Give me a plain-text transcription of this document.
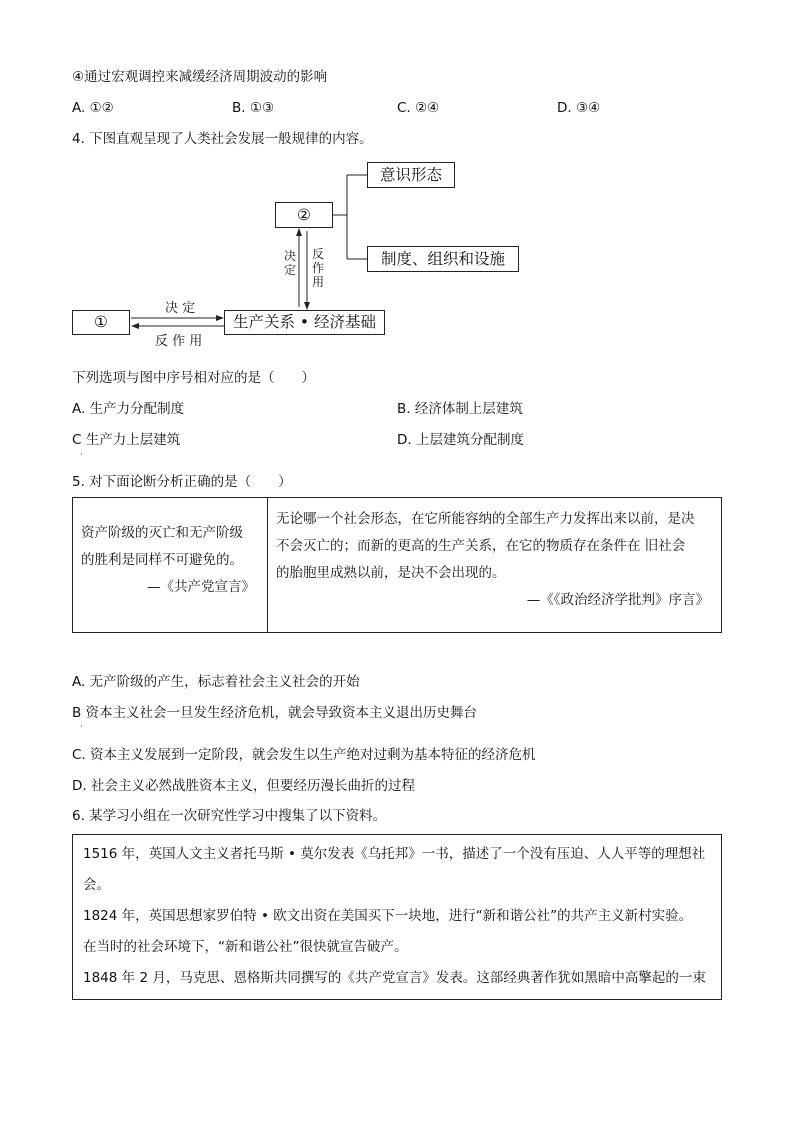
④通过宏观调控来减缓经济周期波动的影响
A. ①②	B. ①③	C. ②④	D. ③④
4. 下图直观呈现了人类社会发展一般规律的内容。
意识形态
②
制度、组织和设施
①	生产关系 • 经济基础
决定
反作用
决 定
反 作 用
下列选项与图中序号相对应的是（　　）
A. 生产力分配制度	B. 经济体制上层建筑
C 生产力上层建筑
·
D. 上层建筑分配制度
5. 对下面论断分析正确的是（　　）
资产阶级的灭亡和无产阶级
的胜利是同样不可避免的。
—《共产党宣言》

无论哪一个社会形态，在它所能容纳的全部生产力发挥出来以前，是决
不会灭亡的；而新的更高的生产关系，在它的物质存在条件在 旧社会
的胎胞里成熟以前，是决不会出现的。
—《《政治经济学批判》序言》
A. 无产阶级的产生，标志着社会主义社会的开始
B 资本主义社会一旦发生经济危机，就会导致资本主义退出历史舞台
·
C. 资本主义发展到一定阶段，就会发生以生产绝对过剩为基本特征的经济危机
D. 社会主义必然战胜资本主义，但要经历漫长曲折的过程
6. 某学习小组在一次研究性学习中搜集了以下资料。
1516 年，英国人文主义者托马斯 • 莫尔发表《乌托邦》一书，描述了一个没有压迫、人人平等的理想社
会。
1824 年，英国思想家罗伯特 • 欧文出资在美国买下一块地，进行“新和谐公社”的共产主义新村实验。
在当时的社会环境下，“新和谐公社”很快就宣告破产。
1848 年 2 月，马克思、恩格斯共同撰写的《共产党宣言》发表。这部经典著作犹如黑暗中高擎起的一束
